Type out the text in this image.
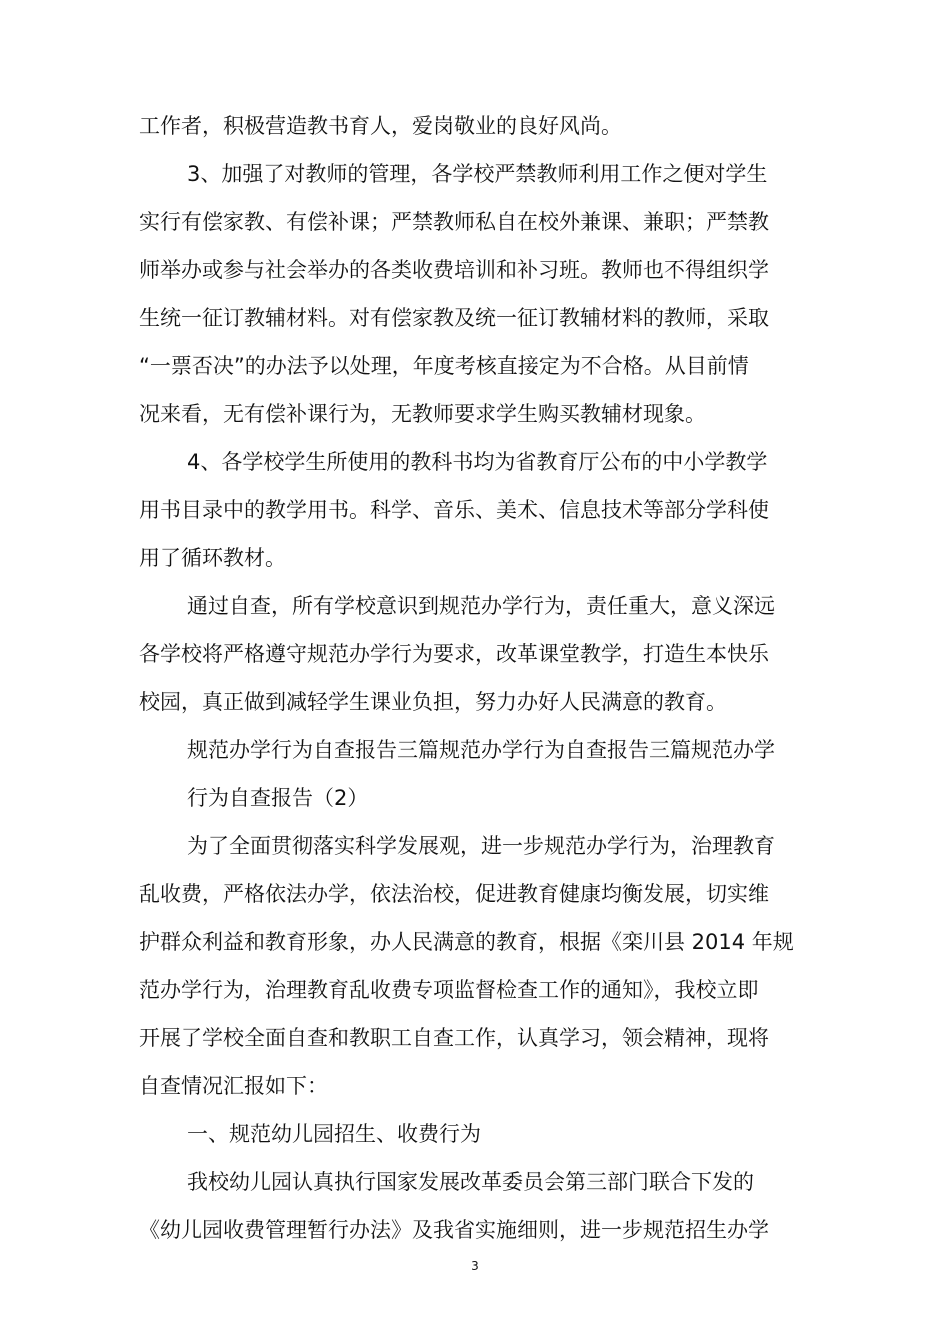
工作者，积极营造教书育人，爱岗敬业的良好风尚。
3、加强了对教师的管理，各学校严禁教师利用工作之便对学生
实行有偿家教、有偿补课；严禁教师私自在校外兼课、兼职；严禁教
师举办或参与社会举办的各类收费培训和补习班。教师也不得组织学
生统一征订教辅材料。对有偿家教及统一征订教辅材料的教师，采取
“一票否决”的办法予以处理，年度考核直接定为不合格。从目前情
况来看，无有偿补课行为，无教师要求学生购买教辅材现象。
4、各学校学生所使用的教科书均为省教育厅公布的中小学教学
用书目录中的教学用书。科学、音乐、美术、信息技术等部分学科使
用了循环教材。
通过自查，所有学校意识到规范办学行为，责任重大，意义深远
各学校将严格遵守规范办学行为要求，改革课堂教学，打造生本快乐
校园，真正做到减轻学生课业负担，努力办好人民满意的教育。
规范办学行为自查报告三篇规范办学行为自查报告三篇规范办学
行为自查报告（2）
为了全面贯彻落实科学发展观，进一步规范办学行为，治理教育
乱收费，严格依法办学，依法治校，促进教育健康均衡发展，切实维
护群众利益和教育形象，办人民满意的教育，根据《栾川县 2014 年规
范办学行为，治理教育乱收费专项监督检查工作的通知》，我校立即
开展了学校全面自查和教职工自查工作，认真学习，领会精神，现将
自查情况汇报如下：
一、规范幼儿园招生、收费行为
我校幼儿园认真执行国家发展改革委员会第三部门联合下发的
《幼儿园收费管理暂行办法》及我省实施细则，进一步规范招生办学
3
